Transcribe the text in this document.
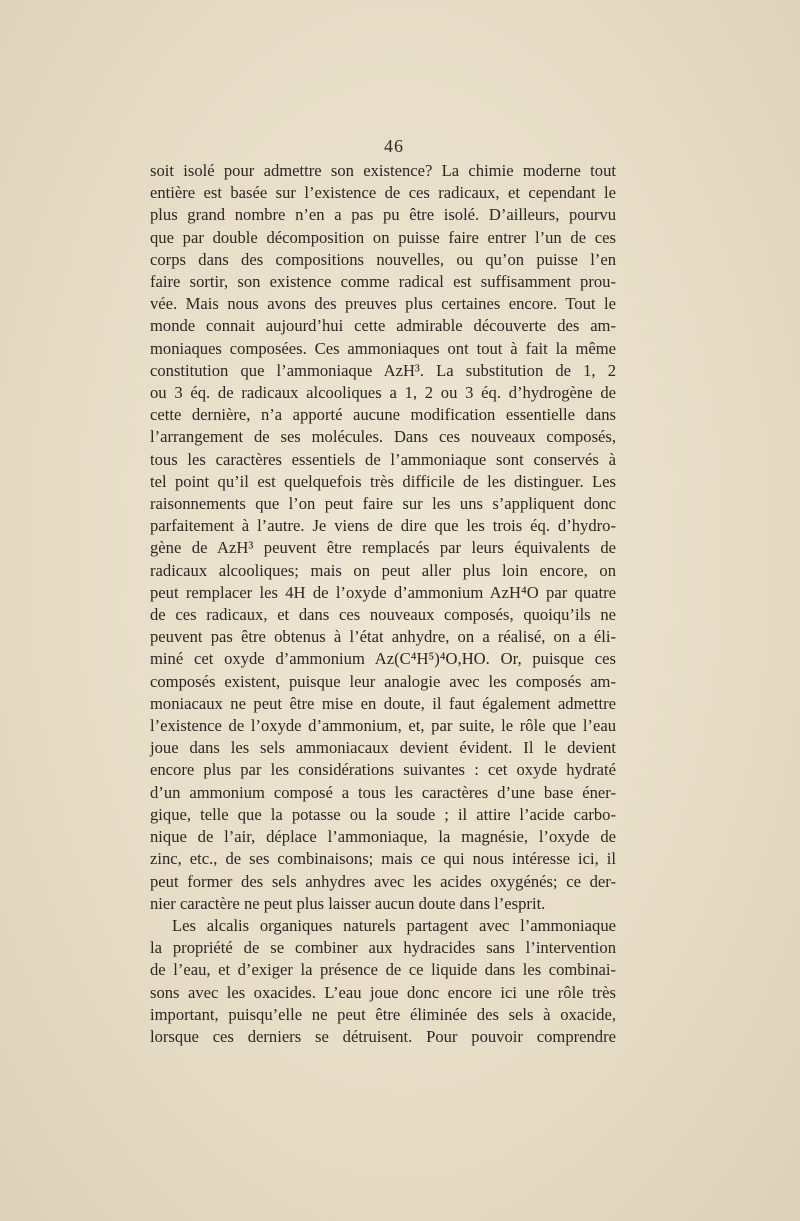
46
soit isolé pour admettre son existence? La chimie moderne tout
entière est basée sur l’existence de ces radicaux, et cependant le
plus grand nombre n’en a pas pu être isolé. D’ailleurs, pourvu
que par double décomposition on puisse faire entrer l’un de ces
corps dans des compositions nouvelles, ou qu’on puisse l’en
faire sortir, son existence comme radical est suffisamment prou-
vée. Mais nous avons des preuves plus certaines encore. Tout le
monde connait aujourd’hui cette admirable découverte des am-
moniaques composées. Ces ammoniaques ont tout à fait la même
constitution que l’ammoniaque AzH³. La substitution de 1, 2
ou 3 éq. de radicaux alcooliques a 1, 2 ou 3 éq. d’hydrogène de
cette dernière, n’a apporté aucune modification essentielle dans
l’arrangement de ses molécules. Dans ces nouveaux composés,
tous les caractères essentiels de l’ammoniaque sont conservés à
tel point qu’il est quelquefois très difficile de les distinguer. Les
raisonnements que l’on peut faire sur les uns s’appliquent donc
parfaitement à l’autre. Je viens de dire que les trois éq. d’hydro-
gène de AzH³ peuvent être remplacés par leurs équivalents de
radicaux alcooliques; mais on peut aller plus loin encore, on
peut remplacer les 4H de l’oxyde d’ammonium AzH⁴O par quatre
de ces radicaux, et dans ces nouveaux composés, quoiqu’ils ne
peuvent pas être obtenus à l’état anhydre, on a réalisé, on a éli-
miné cet oxyde d’ammonium Az(C⁴H⁵)⁴O,HO. Or, puisque ces
composés existent, puisque leur analogie avec les composés am-
moniacaux ne peut être mise en doute, il faut également admettre
l’existence de l’oxyde d’ammonium, et, par suite, le rôle que l’eau
joue dans les sels ammoniacaux devient évident. Il le devient
encore plus par les considérations suivantes : cet oxyde hydraté
d’un ammonium composé a tous les caractères d’une base éner-
gique, telle que la potasse ou la soude ; il attire l’acide carbo-
nique de l’air, déplace l’ammoniaque, la magnésie, l’oxyde de
zinc, etc., de ses combinaisons; mais ce qui nous intéresse ici, il
peut former des sels anhydres avec les acides oxygénés; ce der-
nier caractère ne peut plus laisser aucun doute dans l’esprit.
Les alcalis organiques naturels partagent avec l’ammoniaque
la propriété de se combiner aux hydracides sans l’intervention
de l’eau, et d’exiger la présence de ce liquide dans les combinai-
sons avec les oxacides. L’eau joue donc encore ici une rôle très
important, puisqu’elle ne peut être éliminée des sels à oxacide,
lorsque ces derniers se détruisent. Pour pouvoir comprendre
